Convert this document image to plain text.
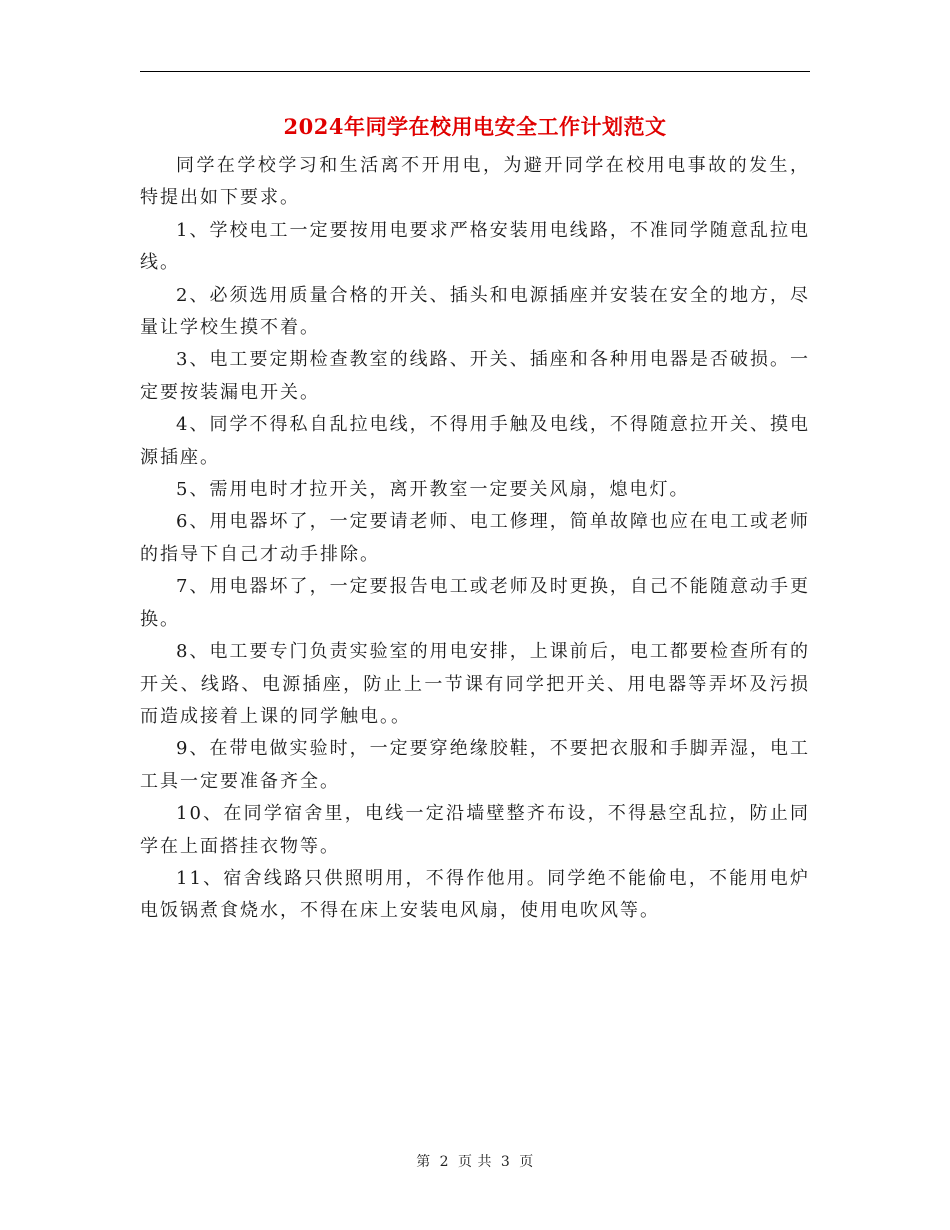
2024年同学在校用电安全工作计划范文

同学在学校学习和生活离不开用电，为避开同学在校用电事故的发生，特提出如下要求。

1、学校电工一定要按用电要求严格安装用电线路，不准同学随意乱拉电线。

2、必须选用质量合格的开关、插头和电源插座并安装在安全的地方，尽量让学校生摸不着。

3、电工要定期检查教室的线路、开关、插座和各种用电器是否破损。一定要按装漏电开关。

4、同学不得私自乱拉电线，不得用手触及电线，不得随意拉开关、摸电源插座。

5、需用电时才拉开关，离开教室一定要关风扇，熄电灯。

6、用电器坏了，一定要请老师、电工修理，简单故障也应在电工或老师的指导下自己才动手排除。

7、用电器坏了，一定要报告电工或老师及时更换，自己不能随意动手更换。

8、电工要专门负责实验室的用电安排，上课前后，电工都要检查所有的开关、线路、电源插座，防止上一节课有同学把开关、用电器等弄坏及污损而造成接着上课的同学触电。。

9、在带电做实验时，一定要穿绝缘胶鞋，不要把衣服和手脚弄湿，电工工具一定要准备齐全。

10、在同学宿舍里，电线一定沿墙壁整齐布设，不得悬空乱拉，防止同学在上面搭挂衣物等。

11、宿舍线路只供照明用，不得作他用。同学绝不能偷电，不能用电炉电饭锅煮食烧水，不得在床上安装电风扇，使用电吹风等。

第 2 页 共 3 页
